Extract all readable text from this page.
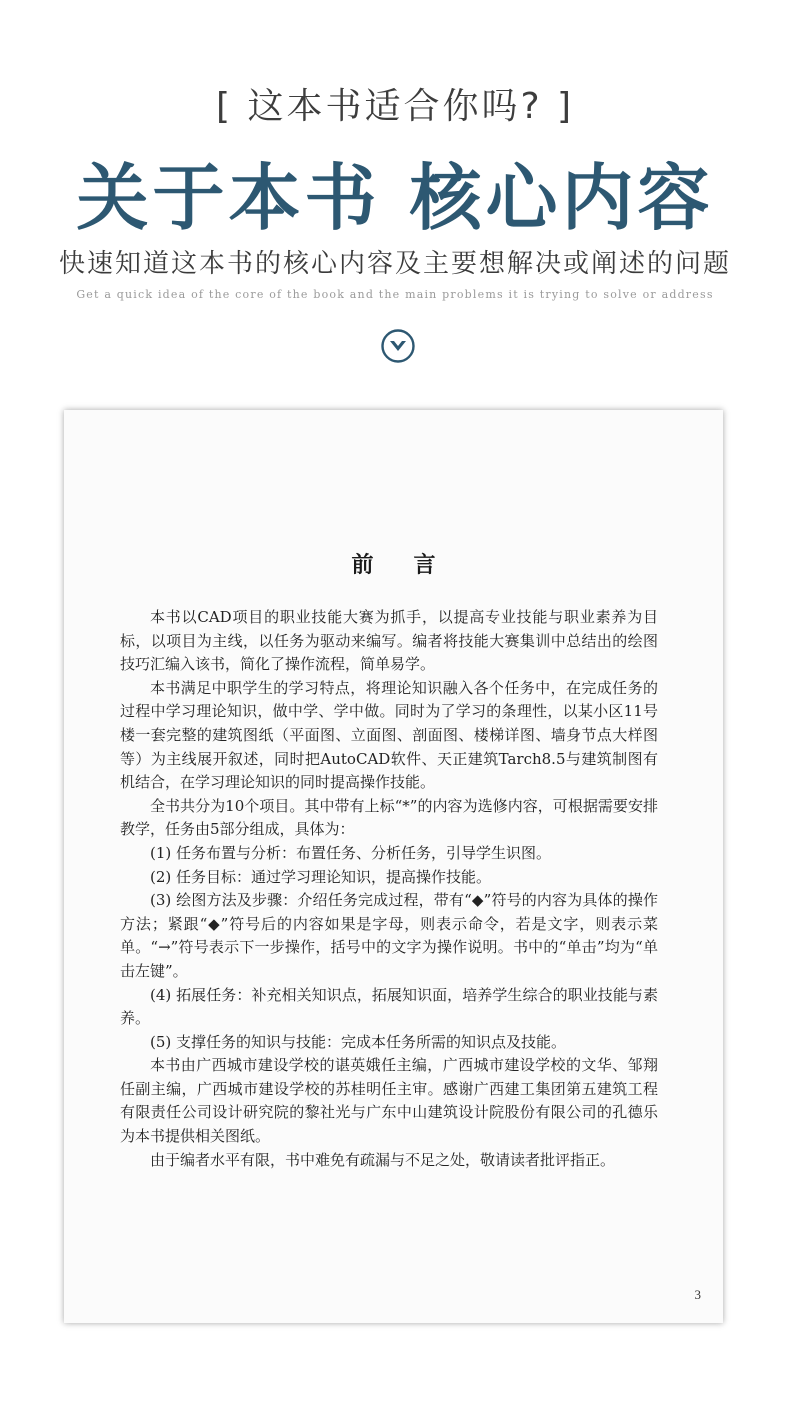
[ 这本书适合你吗? ]
关于本书 核心内容
快速知道这本书的核心内容及主要想解决或阐述的问题
Get a quick idea of the core of the book and the main problems it is trying to solve or address
前言

本书以CAD项目的职业技能大赛为抓手，以提高专业技能与职业素养为目标，以项目为主线，以任务为驱动来编写。编者将技能大赛集训中总结出的绘图技巧汇编入该书，简化了操作流程，简单易学。

本书满足中职学生的学习特点，将理论知识融入各个任务中，在完成任务的过程中学习理论知识，做中学、学中做。同时为了学习的条理性，以某小区11号楼一套完整的建筑图纸（平面图、立面图、剖面图、楼梯详图、墙身节点大样图等）为主线展开叙述，同时把AutoCAD软件、天正建筑Tarch8.5与建筑制图有机结合，在学习理论知识的同时提高操作技能。

全书共分为10个项目。其中带有上标“*”的内容为选修内容，可根据需要安排教学，任务由5部分组成，具体为：

(1) 任务布置与分析：布置任务、分析任务，引导学生识图。

(2) 任务目标：通过学习理论知识，提高操作技能。

(3) 绘图方法及步骤：介绍任务完成过程，带有“◆”符号的内容为具体的操作方法；紧跟“◆”符号后的内容如果是字母，则表示命令，若是文字，则表示菜单。“→”符号表示下一步操作，括号中的文字为操作说明。书中的“单击”均为“单击左键”。

(4) 拓展任务：补充相关知识点，拓展知识面，培养学生综合的职业技能与素养。

(5) 支撑任务的知识与技能：完成本任务所需的知识点及技能。

本书由广西城市建设学校的谌英娥任主编，广西城市建设学校的文华、邹翔任副主编，广西城市建设学校的苏桂明任主审。感谢广西建工集团第五建筑工程有限责任公司设计研究院的黎社光与广东中山建筑设计院股份有限公司的孔德乐为本书提供相关图纸。

由于编者水平有限，书中难免有疏漏与不足之处，敬请读者批评指正。

3
